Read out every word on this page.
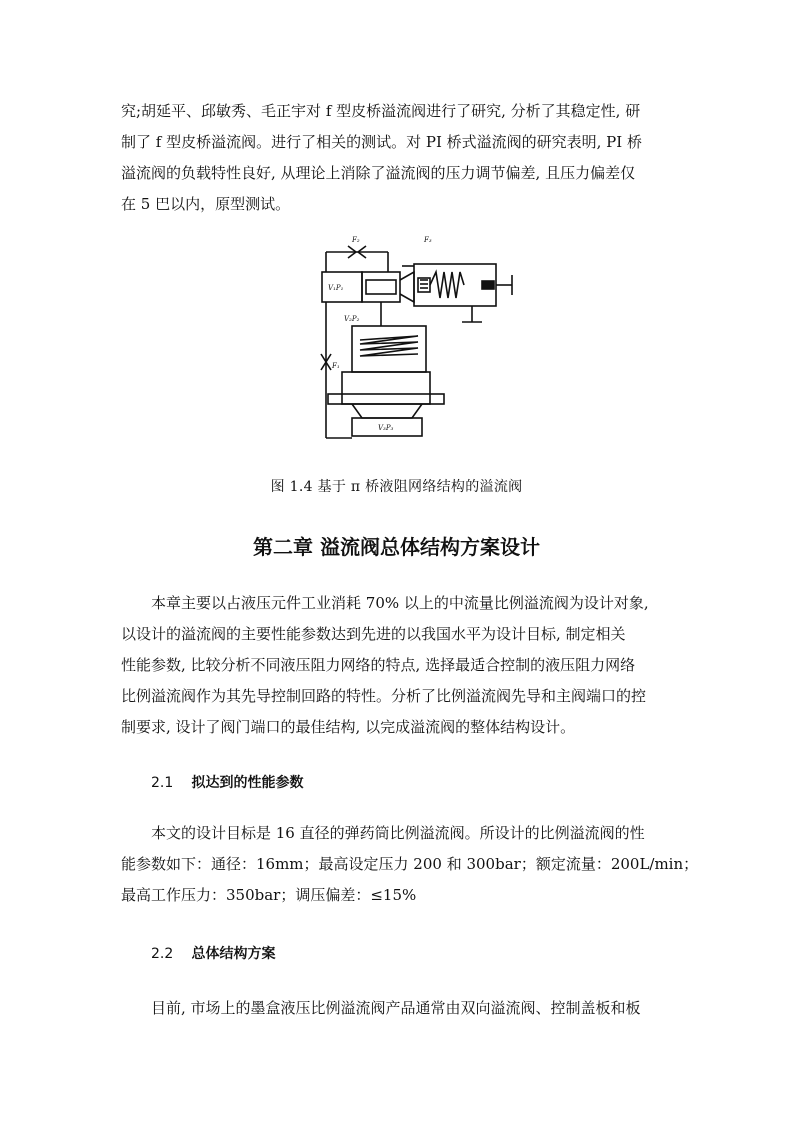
究;胡延平、邱敏秀、毛正宇对 f 型皮桥溢流阀进行了研究, 分析了其稳定性, 研
制了 f 型皮桥溢流阀。进行了相关的测试。对 PI 桥式溢流阀的研究表明, PI 桥
溢流阀的负载特性良好, 从理论上消除了溢流阀的压力调节偏差, 且压力偏差仅
在 5 巴以内，原型测试。
F₂	F₃
V₁P₁
V₂P₂
F₁
V₃P₃
图 1.4 基于 π 桥液阻网络结构的溢流阀
第二章 溢流阀总体结构方案设计
本章主要以占液压元件工业消耗 70% 以上的中流量比例溢流阀为设计对象,
以设计的溢流阀的主要性能参数达到先进的以我国水平为设计目标, 制定相关
性能参数, 比较分析不同液压阻力网络的特点, 选择最适合控制的液压阻力网络
比例溢流阀作为其先导控制回路的特性。分析了比例溢流阀先导和主阀端口的控
制要求, 设计了阀门端口的最佳结构, 以完成溢流阀的整体结构设计。
2.1 拟达到的性能参数
本文的设计目标是 16 直径的弹药筒比例溢流阀。所设计的比例溢流阀的性
能参数如下：通径：16mm；最高设定压力 200 和 300bar；额定流量：200L/min；
最高工作压力：350bar；调压偏差：≤15%
2.2 总体结构方案
目前, 市场上的墨盒液压比例溢流阀产品通常由双向溢流阀、控制盖板和板
